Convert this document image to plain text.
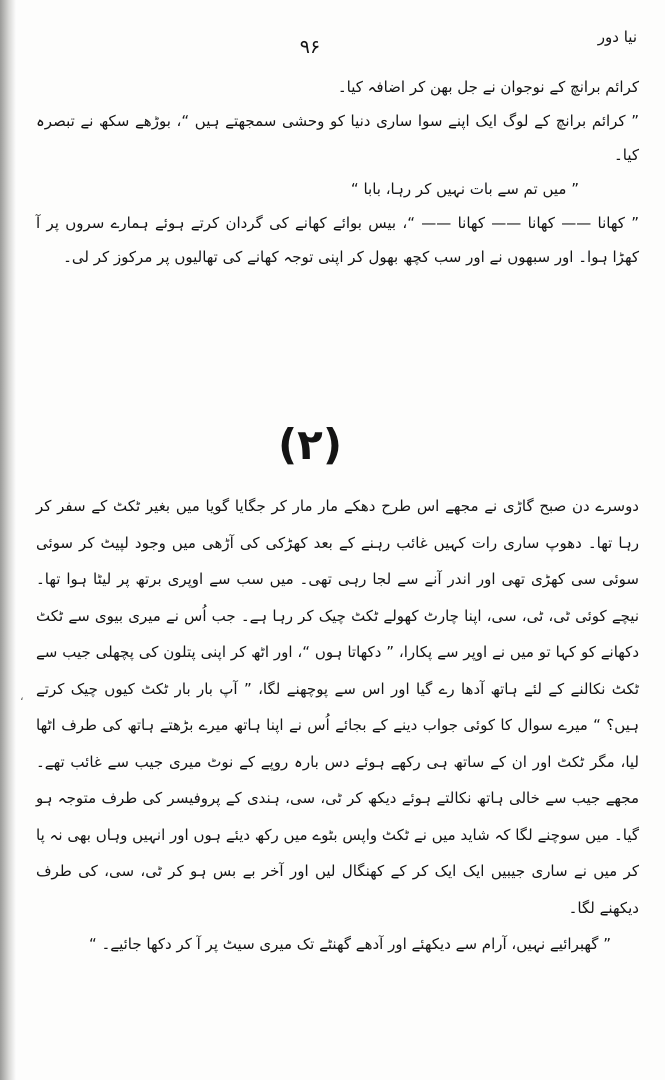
نیا دور
۹۶

کرائم برانچ کے نوجوان نے جل بھن کر اضافہ کیا۔

” کرائم برانچ کے لوگ ایک اپنے سوا ساری دنیا کو وحشی سمجھتے ہیں “، بوڑھے سکھ نے تبصرہ کیا۔

” میں تم سے بات نہیں کر رہا، بابا “

” کھانا —— کھانا —— کھانا —— “، بیس بوائے کھانے کی گردان کرتے ہوئے ہمارے سروں پر آ کھڑا ہوا۔ اور سبھوں نے اور سب کچھ بھول کر اپنی توجہ کھانے کی تھالیوں پر مرکوز کر لی۔

(۲)

دوسرے دن صبح گاڑی نے مجھے اس طرح دھکے مار مار کر جگایا گویا میں بغیر ٹکٹ کے سفر کر رہا تھا۔ دھوپ ساری رات کہیں غائب رہنے کے بعد کھڑکی کی آڑھی میں وجود لپیٹ کر سوئی سوئی سی کھڑی تھی اور اندر آنے سے لجا رہی تھی۔ میں سب سے اوپری برتھ پر لیٹا ہوا تھا۔ نیچے کوئی ٹی، ٹی، سی، اپنا چارٹ کھولے ٹکٹ چیک کر رہا ہے۔ جب اُس نے میری بیوی سے ٹکٹ دکھانے کو کہا تو میں نے اوپر سے پکارا، ” دکھاتا ہوں “، اور اٹھ کر اپنی پتلون کی پچھلی جیب سے ٹکٹ نکالنے کے لئے ہاتھ آدھا رے گیا اور اس سے پوچھنے لگا، ” آپ بار بار ٹکٹ کیوں چیک کرتے ہیں؟ “ میرے سوال کا کوئی جواب دینے کے بجائے اُس نے اپنا ہاتھ میرے بڑھتے ہاتھ کی طرف اٹھا لیا، مگر ٹکٹ اور ان کے ساتھ ہی رکھے ہوئے دس بارہ روپے کے نوٹ میری جیب سے غائب تھے۔ مجھے جیب سے خالی ہاتھ نکالتے ہوئے دیکھ کر ٹی، سی، ہندی کے پروفیسر کی طرف متوجہ ہو گیا۔ میں سوچنے لگا کہ شاید میں نے ٹکٹ واپس بٹوے میں رکھ دیئے ہوں اور انہیں وہاں بھی نہ پا کر میں نے ساری جیبیں ایک ایک کر کے کھنگال لیں اور آخر بے بس ہو کر ٹی، سی، کی طرف دیکھنے لگا۔

” گھبرائیے نہیں، آرام سے دیکھئے اور آدھے گھنٹے تک میری سیٹ پر آ کر دکھا جائیے۔ “

،
